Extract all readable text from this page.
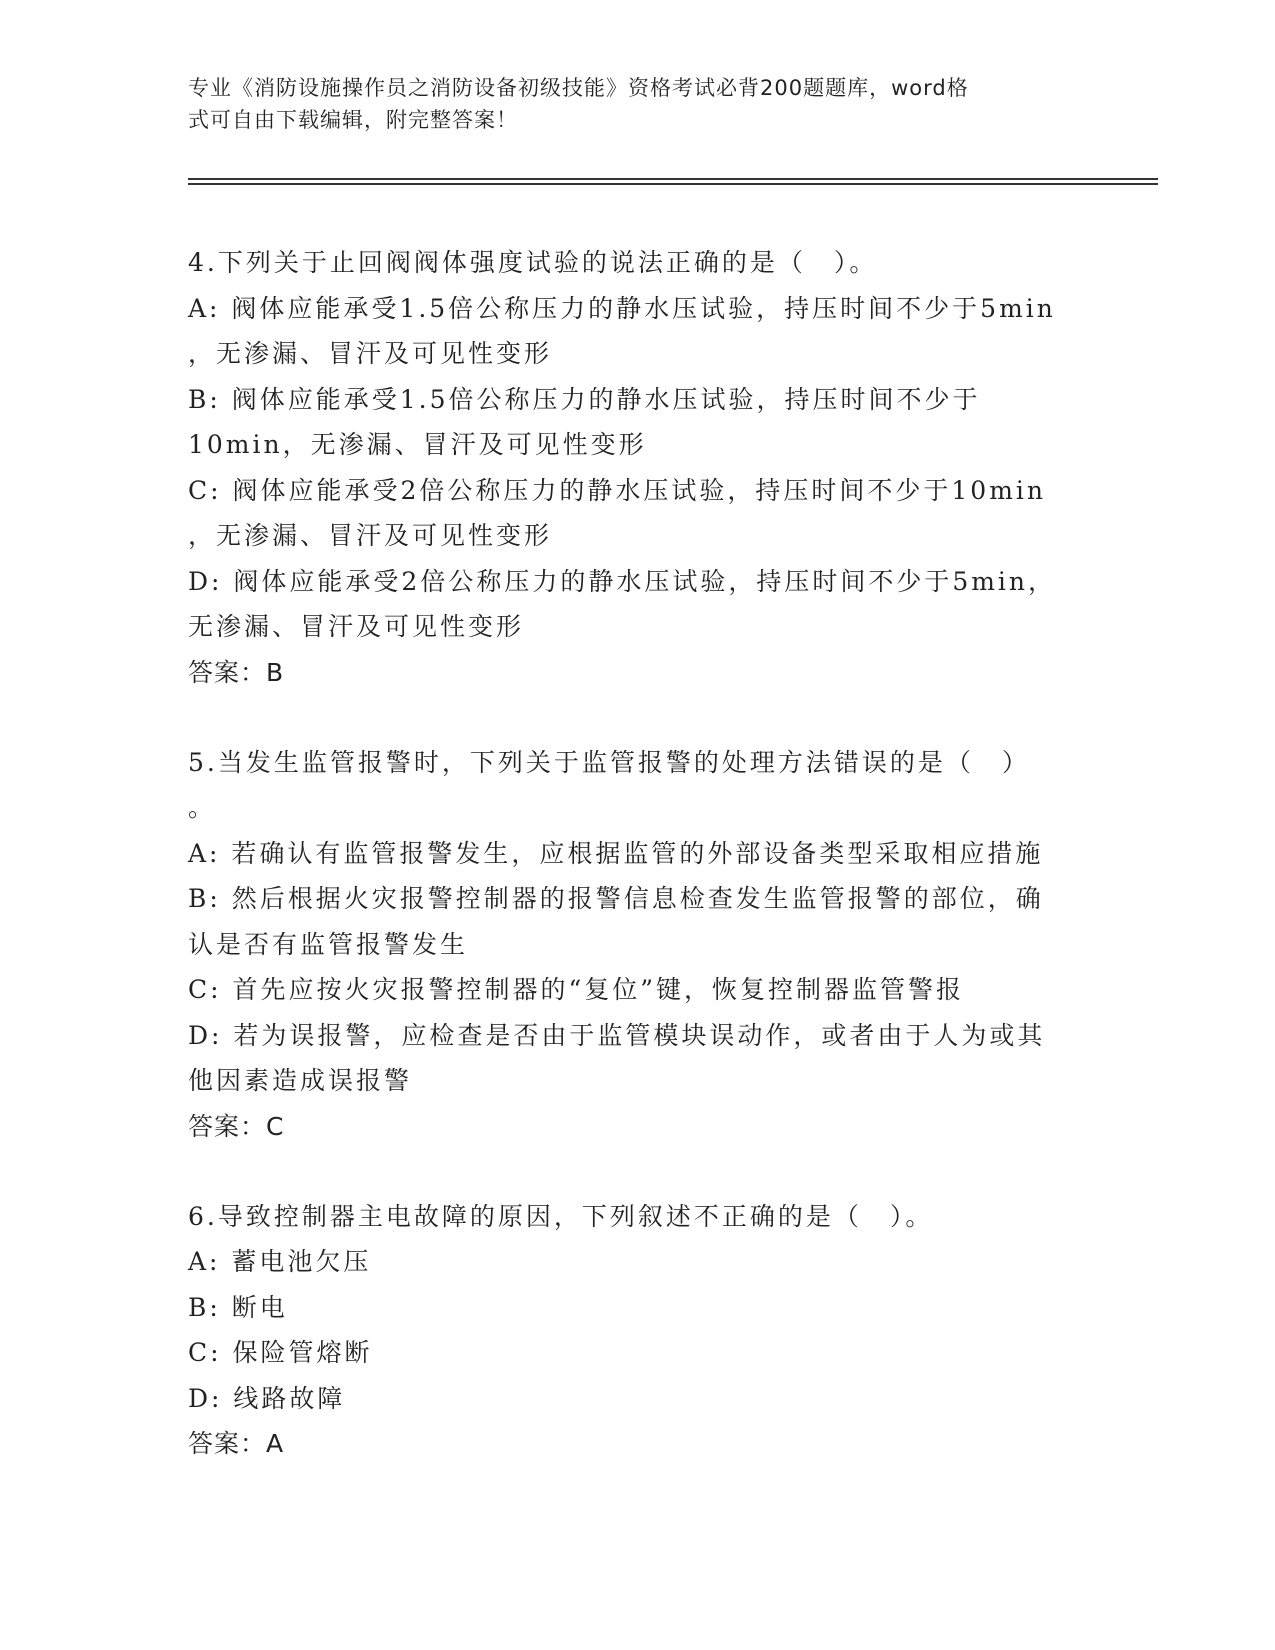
专业《消防设施操作员之消防设备初级技能》资格考试必背200题题库，word格
式可自由下载编辑，附完整答案！
4.下列关于止回阀阀体强度试验的说法正确的是（　）。
A: 阀体应能承受1.5倍公称压力的静水压试验，持压时间不少于5min
，无渗漏、冒汗及可见性变形
B: 阀体应能承受1.5倍公称压力的静水压试验，持压时间不少于
10min，无渗漏、冒汗及可见性变形
C: 阀体应能承受2倍公称压力的静水压试验，持压时间不少于10min
，无渗漏、冒汗及可见性变形
D: 阀体应能承受2倍公称压力的静水压试验，持压时间不少于5min，
无渗漏、冒汗及可见性变形
答案：B
5.当发生监管报警时，下列关于监管报警的处理方法错误的是（　）
。
A: 若确认有监管报警发生，应根据监管的外部设备类型采取相应措施
B: 然后根据火灾报警控制器的报警信息检查发生监管报警的部位，确
认是否有监管报警发生
C: 首先应按火灾报警控制器的“复位”键，恢复控制器监管警报
D: 若为误报警，应检查是否由于监管模块误动作，或者由于人为或其
他因素造成误报警
答案：C
6.导致控制器主电故障的原因，下列叙述不正确的是（　）。
A: 蓄电池欠压
B: 断电
C: 保险管熔断
D: 线路故障
答案：A
